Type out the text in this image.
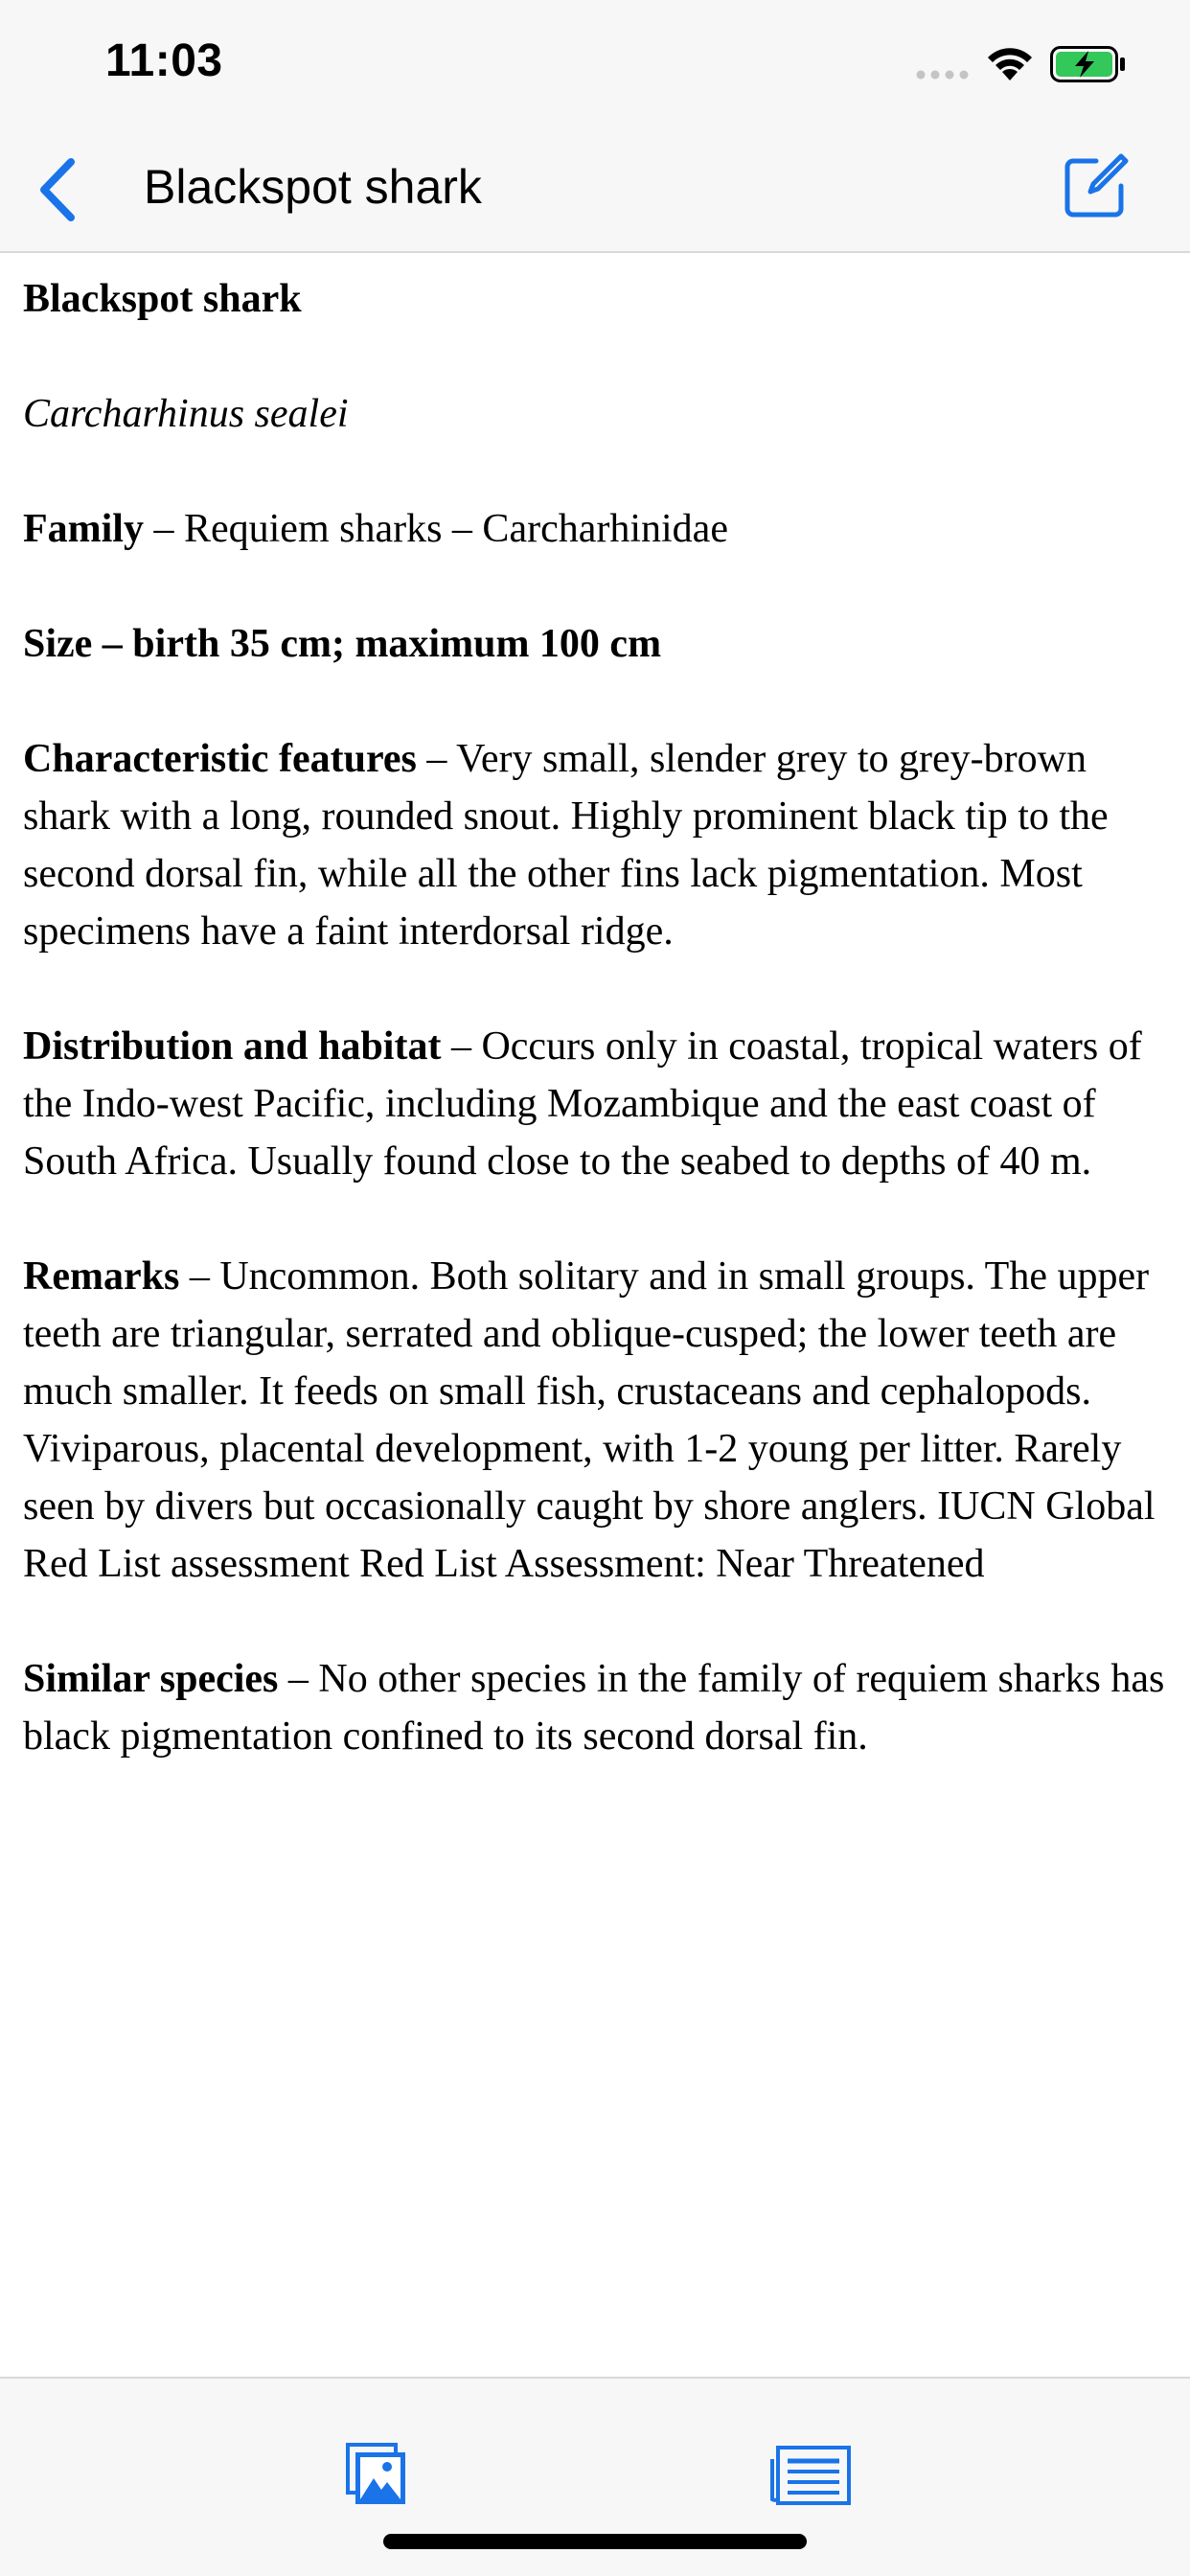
11:03
Blackspot shark

Blackspot shark

Carcharhinus sealei

Family – Requiem sharks – Carcharhinidae

Size – birth 35 cm; maximum 100 cm

Characteristic features – Very small, slender grey to grey-brown shark with a long, rounded snout. Highly prominent black tip to the second dorsal fin, while all the other fins lack pigmentation. Most specimens have a faint interdorsal ridge.

Distribution and habitat – Occurs only in coastal, tropical waters of the Indo-west Pacific, including Mozambique and the east coast of South Africa. Usually found close to the seabed to depths of 40 m.

Remarks – Uncommon. Both solitary and in small groups. The upper teeth are triangular, serrated and oblique-cusped; the lower teeth are much smaller. It feeds on small fish, crustaceans and cephalopods. Viviparous, placental development, with 1-2 young per litter. Rarely seen by divers but occasionally caught by shore anglers. IUCN Global Red List assessment Red List Assessment: Near Threatened

Similar species – No other species in the family of requiem sharks has black pigmentation confined to its second dorsal fin.
